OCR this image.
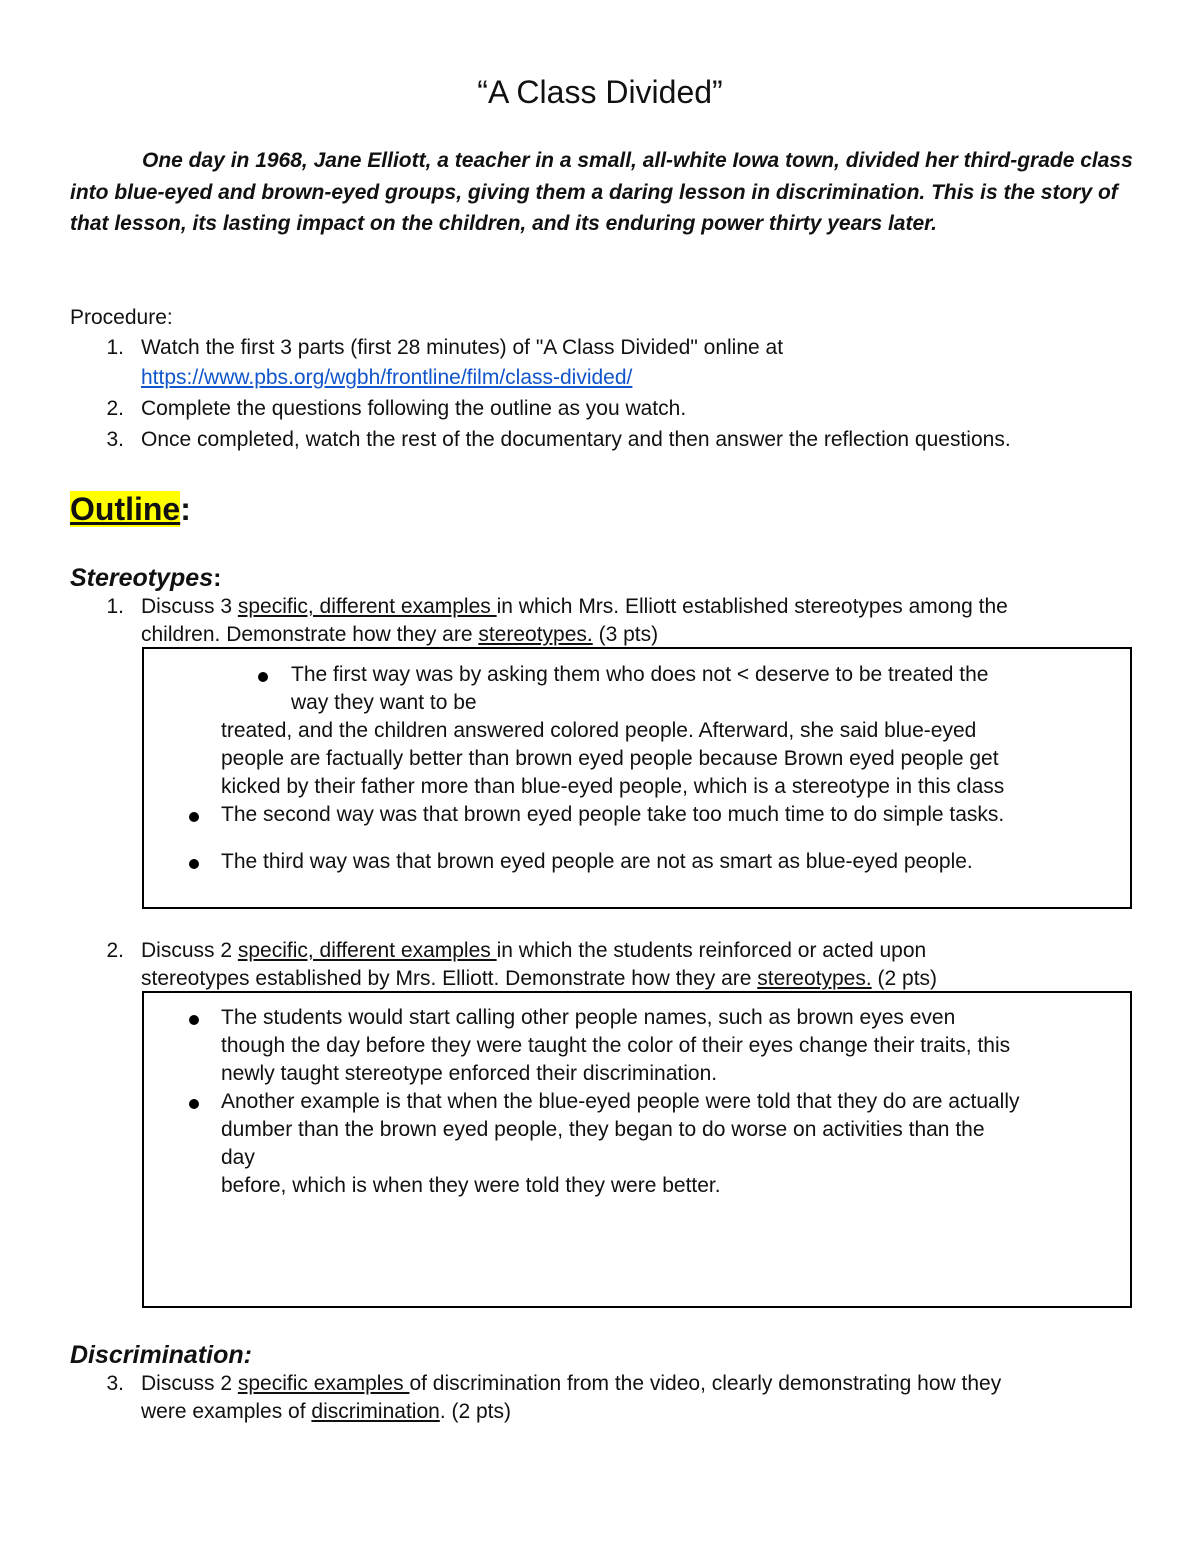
“A Class Divided”
One day in 1968, Jane Elliott, a teacher in a small, all-white Iowa town, divided her third-grade class into blue-eyed and brown-eyed groups, giving them a daring lesson in discrimination. This is the story of that lesson, its lasting impact on the children, and its enduring power thirty years later.
Procedure:
1. Watch the first 3 parts (first 28 minutes) of "A Class Divided" online at
https://www.pbs.org/wgbh/frontline/film/class-divided/
2. Complete the questions following the outline as you watch.
3. Once completed, watch the rest of the documentary and then answer the reflection questions.
Outline:
Stereotypes:
1. Discuss 3 specific, different examples in which Mrs. Elliott established stereotypes among the
children. Demonstrate how they are stereotypes. (3 pts)
The first way was by asking them who does not < deserve to be treated the
way they want to be
treated, and the children answered colored people. Afterward, she said blue-eyed
people are factually better than brown eyed people because Brown eyed people get
kicked by their father more than blue-eyed people, which is a stereotype in this class
The second way was that brown eyed people take too much time to do simple tasks.
The third way was that brown eyed people are not as smart as blue-eyed people.
2. Discuss 2 specific, different examples in which the students reinforced or acted upon
stereotypes established by Mrs. Elliott. Demonstrate how they are stereotypes. (2 pts)
The students would start calling other people names, such as brown eyes even
though the day before they were taught the color of their eyes change their traits, this
newly taught stereotype enforced their discrimination.
Another example is that when the blue-eyed people were told that they do are actually
dumber than the brown eyed people, they began to do worse on activities than the
day
before, which is when they were told they were better.
Discrimination:
3. Discuss 2 specific examples of discrimination from the video, clearly demonstrating how they
were examples of discrimination. (2 pts)
